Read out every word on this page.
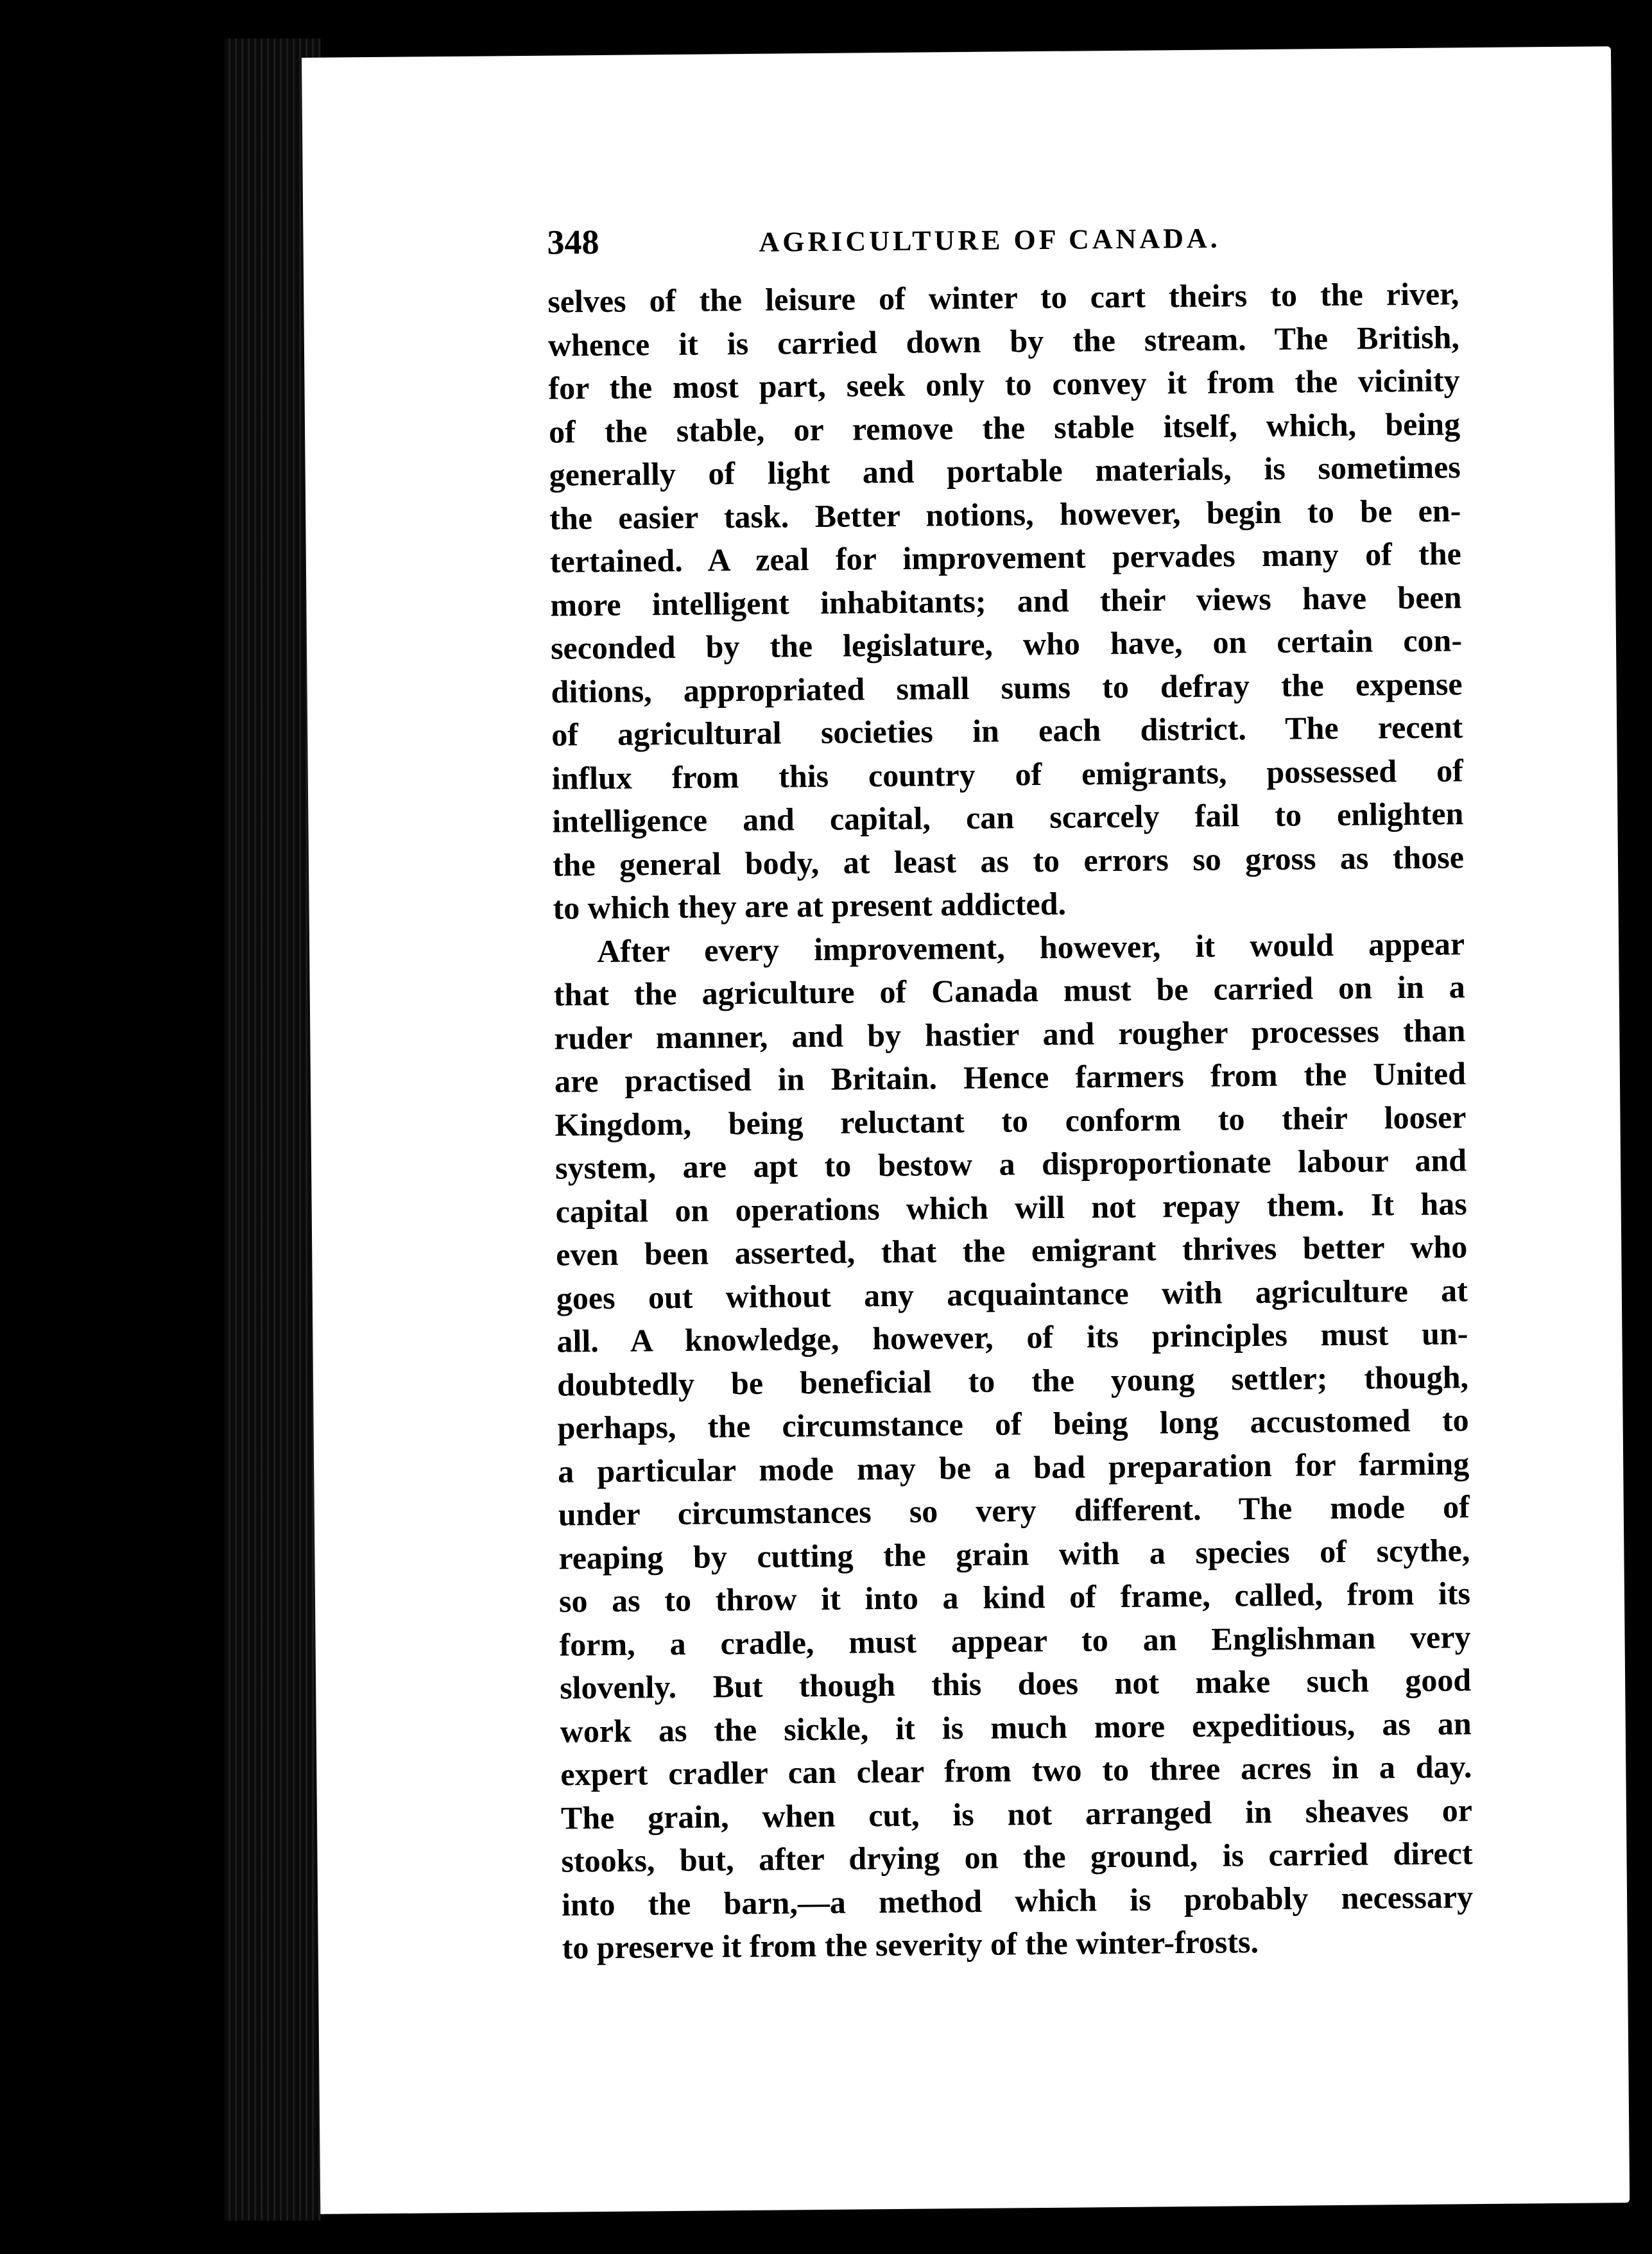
348	AGRICULTURE OF CANADA.
selves of the leisure of winter to cart theirs to the river,
whence it is carried down by the stream. The British,
for the most part, seek only to convey it from the vicinity
of the stable, or remove the stable itself, which, being
generally of light and portable materials, is sometimes
the easier task. Better notions, however, begin to be en-
tertained. A zeal for improvement pervades many of the
more intelligent inhabitants; and their views have been
seconded by the legislature, who have, on certain con-
ditions, appropriated small sums to defray the expense
of agricultural societies in each district. The recent
influx from this country of emigrants, possessed of
intelligence and capital, can scarcely fail to enlighten
the general body, at least as to errors so gross as those
to which they are at present addicted.
After every improvement, however, it would appear
that the agriculture of Canada must be carried on in a
ruder manner, and by hastier and rougher processes than
are practised in Britain. Hence farmers from the United
Kingdom, being reluctant to conform to their looser
system, are apt to bestow a disproportionate labour and
capital on operations which will not repay them. It has
even been asserted, that the emigrant thrives better who
goes out without any acquaintance with agriculture at
all. A knowledge, however, of its principles must un-
doubtedly be beneficial to the young settler; though,
perhaps, the circumstance of being long accustomed to
a particular mode may be a bad preparation for farming
under circumstances so very different. The mode of
reaping by cutting the grain with a species of scythe,
so as to throw it into a kind of frame, called, from its
form, a cradle, must appear to an Englishman very
slovenly. But though this does not make such good
work as the sickle, it is much more expeditious, as an
expert cradler can clear from two to three acres in a day.
The grain, when cut, is not arranged in sheaves or
stooks, but, after drying on the ground, is carried direct
into the barn,—a method which is probably necessary
to preserve it from the severity of the winter-frosts.
